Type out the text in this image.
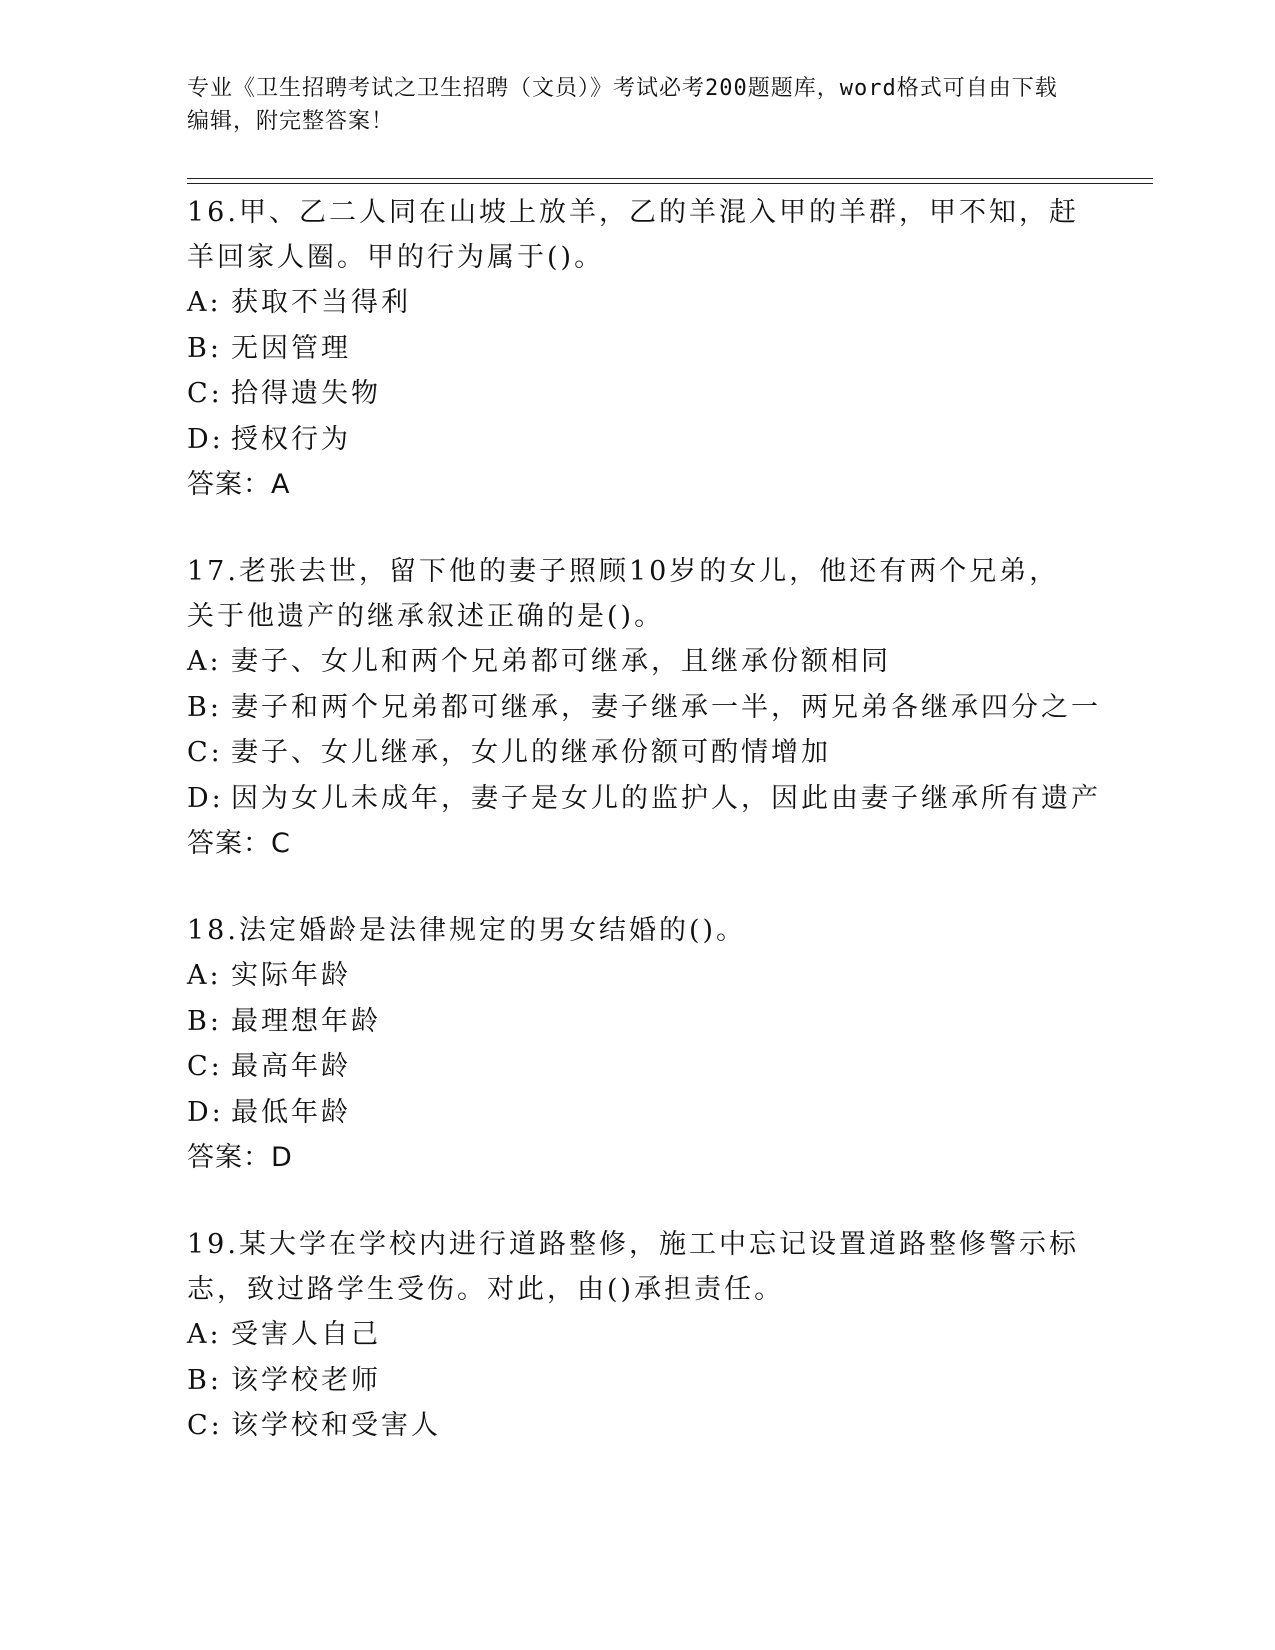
专业《卫生招聘考试之卫生招聘（文员）》考试必考200题题库，word格式可自由下载编辑，附完整答案！
16.甲、乙二人同在山坡上放羊，乙的羊混入甲的羊群，甲不知，赶羊回家人圈。甲的行为属于()。
A: 获取不当得利
B: 无因管理
C: 拾得遗失物
D: 授权行为
答案：A
17.老张去世，留下他的妻子照顾10岁的女儿，他还有两个兄弟，关于他遗产的继承叙述正确的是()。
A: 妻子、女儿和两个兄弟都可继承，且继承份额相同
B: 妻子和两个兄弟都可继承，妻子继承一半，两兄弟各继承四分之一
C: 妻子、女儿继承，女儿的继承份额可酌情增加
D: 因为女儿未成年，妻子是女儿的监护人，因此由妻子继承所有遗产
答案：C
18.法定婚龄是法律规定的男女结婚的()。
A: 实际年龄
B: 最理想年龄
C: 最高年龄
D: 最低年龄
答案：D
19.某大学在学校内进行道路整修，施工中忘记设置道路整修警示标志，致过路学生受伤。对此，由()承担责任。
A: 受害人自己
B: 该学校老师
C: 该学校和受害人
